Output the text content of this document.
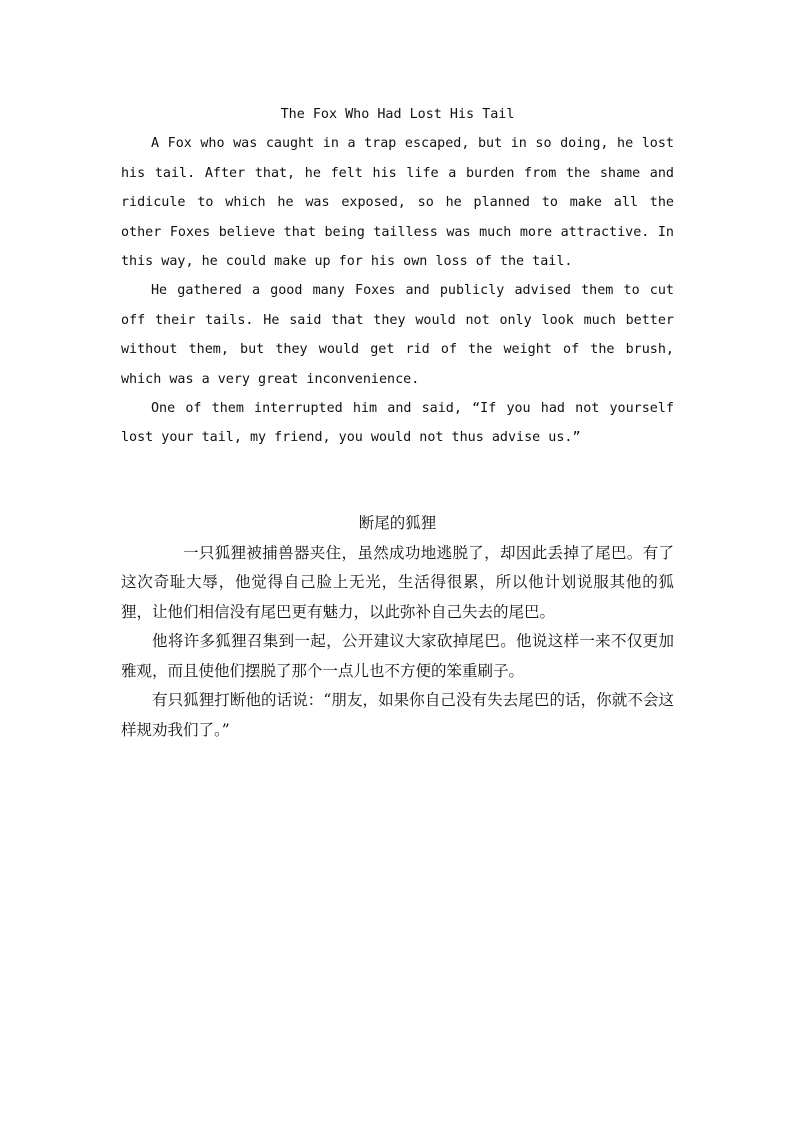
The Fox Who Had Lost His Tail

A Fox who was caught in a trap escaped, but in so doing, he lost his tail. After that, he felt his life a burden from the shame and ridicule to which he was exposed, so he planned to make all the other Foxes believe that being tailless was much more attractive. In this way, he could make up for his own loss of the tail.

He gathered a good many Foxes and publicly advised them to cut off their tails. He said that they would not only look much better without them, but they would get rid of the weight of the brush, which was a very great inconvenience.

One of them interrupted him and said, “If you had not yourself lost your tail, my friend, you would not thus advise us.”

断尾的狐狸

一只狐狸被捕兽器夹住，虽然成功地逃脱了，却因此丢掉了尾巴。有了这次奇耻大辱，他觉得自己脸上无光，生活得很累，所以他计划说服其他的狐狸，让他们相信没有尾巴更有魅力，以此弥补自己失去的尾巴。

他将许多狐狸召集到一起，公开建议大家砍掉尾巴。他说这样一来不仅更加雅观，而且使他们摆脱了那个一点儿也不方便的笨重刷子。

有只狐狸打断他的话说：“朋友，如果你自己没有失去尾巴的话，你就不会这样规劝我们了。”
